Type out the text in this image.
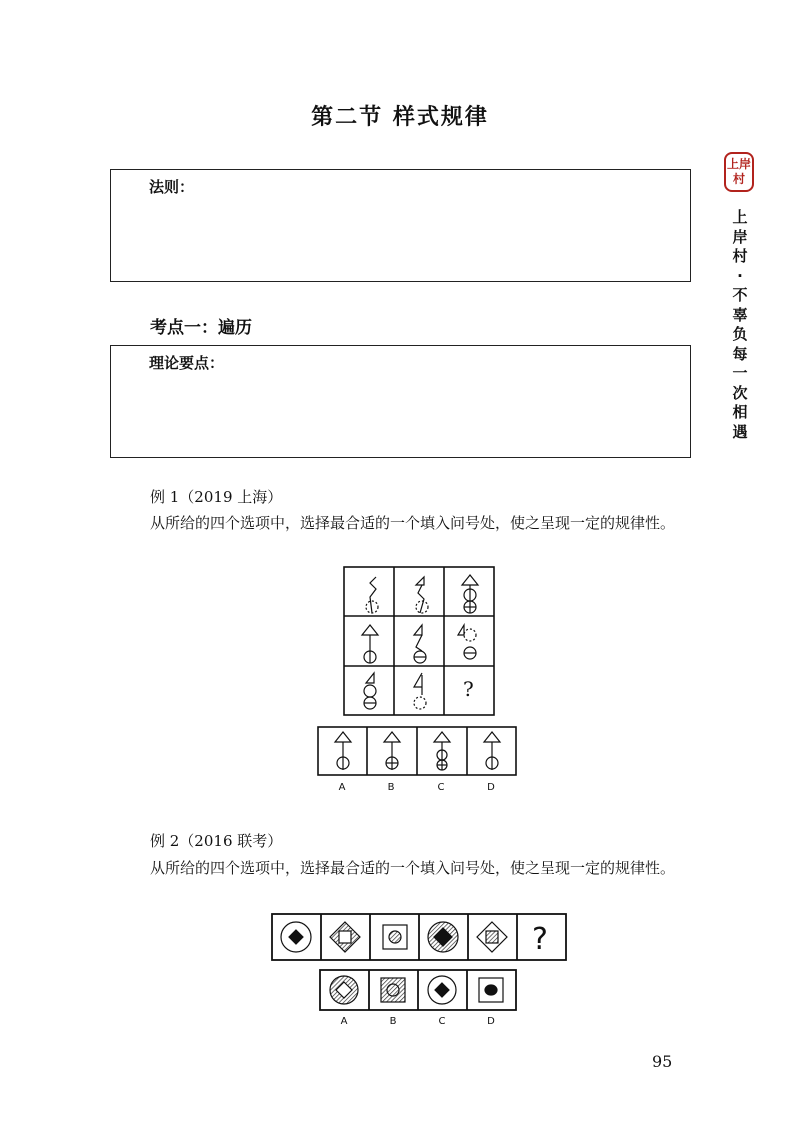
第二节 样式规律
上岸村
上
岸
村
·
不
辜
负
每
一
次
相
遇
法则：
考点一：遍历
理论要点：
例 1（2019 上海）
从所给的四个选项中，选择最合适的一个填入问号处，使之呈现一定的规律性。
?
A	B	C	D
例 2（2016 联考）
从所给的四个选项中，选择最合适的一个填入问号处，使之呈现一定的规律性。
?
A	B	C	D
95
